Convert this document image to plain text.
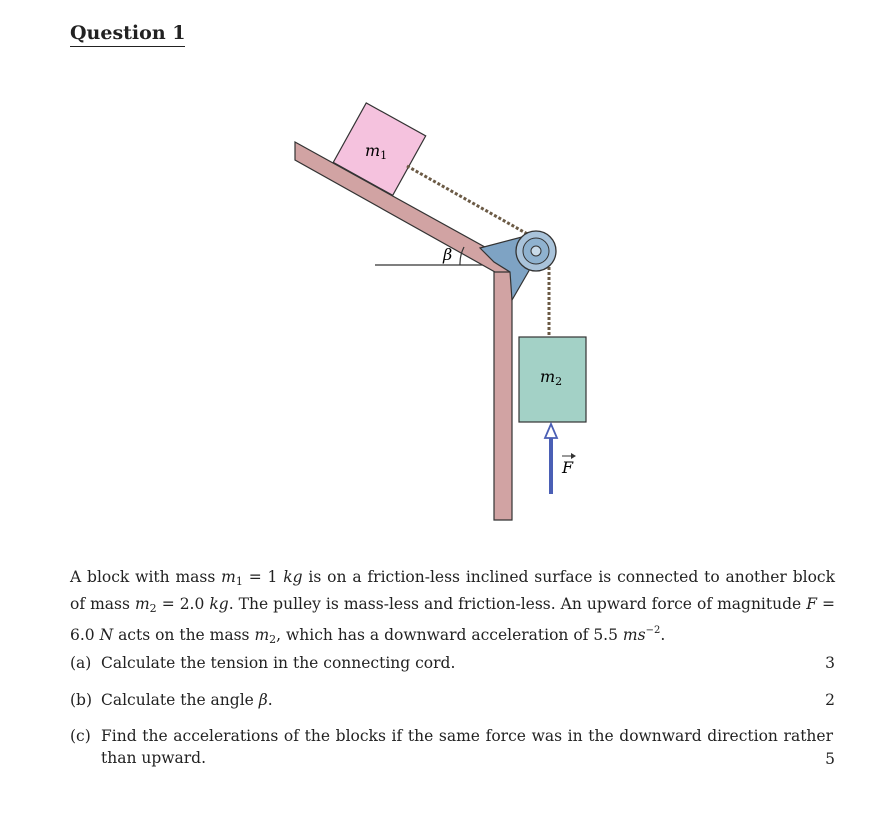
Question 1
β
m1
m2
F
A block with mass $m_1 = 1$ kg is on a friction-less inclined surface is connected to another block of mass $m_2 = 2.0$ kg. The pulley is mass-less and friction-less. An upward force of magnitude F = 6.0 N acts on the mass $m_2$, which has a downward acceleration of 5.5 $ms^{-2}$.
(a) Calculate the tension in the connecting cord.	3
(b) Calculate the angle β.	2
(c) Find the accelerations of the blocks if the same force was in the downward direction rather than upward.	5
